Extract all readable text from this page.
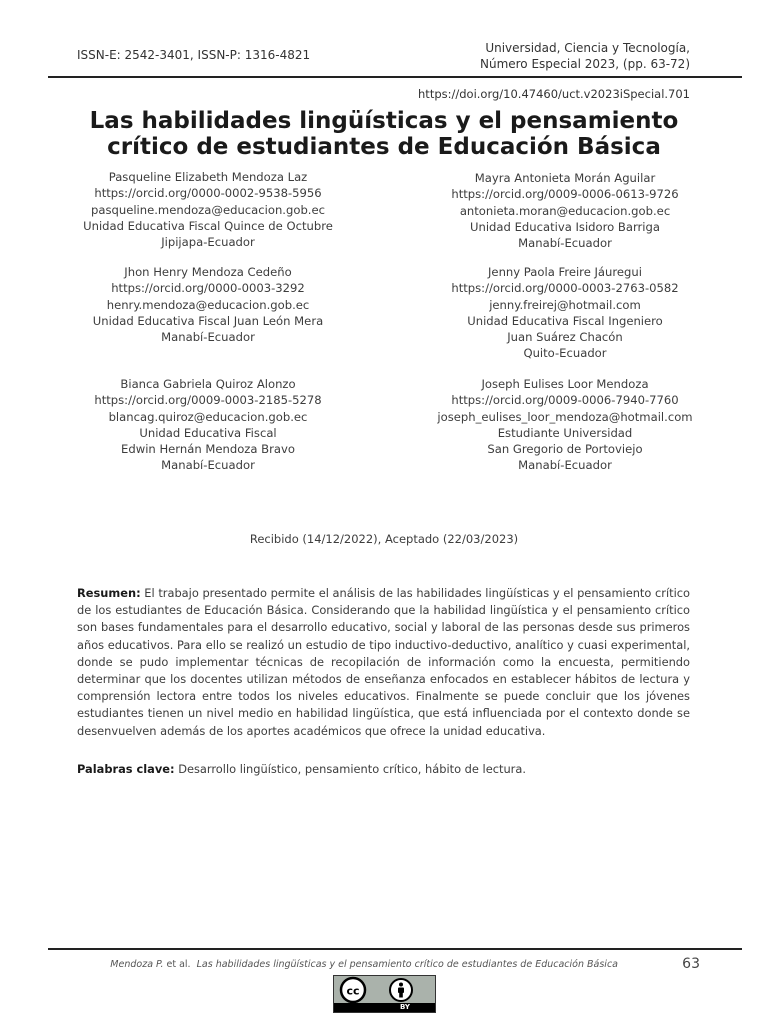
ISSN-E: 2542-3401, ISSN-P: 1316-4821	Universidad, Ciencia y Tecnología,
Número Especial 2023, (pp. 63-72)
https://doi.org/10.47460/uct.v2023iSpecial.701
Las habilidades lingüísticas y el pensamiento
crítico de estudiantes de Educación Básica
Pasqueline Elizabeth Mendoza Laz
https://orcid.org/0000-0002-9538-5956
pasqueline.mendoza@educacion.gob.ec
Unidad Educativa Fiscal Quince de Octubre
Jipijapa-Ecuador
Mayra Antonieta Morán Aguilar
https://orcid.org/0009-0006-0613-9726
antonieta.moran@educacion.gob.ec
Unidad Educativa Isidoro Barriga
Manabí-Ecuador
Jhon Henry Mendoza Cedeño
https://orcid.org/0000-0003-3292
henry.mendoza@educacion.gob.ec
Unidad Educativa Fiscal Juan León Mera
Manabí-Ecuador
Jenny Paola Freire Jáuregui
https://orcid.org/0000-0003-2763-0582
jenny.freirej@hotmail.com
Unidad Educativa Fiscal Ingeniero
Juan Suárez Chacón
Quito-Ecuador
Bianca Gabriela Quiroz Alonzo
https://orcid.org/0009-0003-2185-5278
blancag.quiroz@educacion.gob.ec
Unidad Educativa Fiscal
Edwin Hernán Mendoza Bravo
Manabí-Ecuador
Joseph Eulises Loor Mendoza
https://orcid.org/0009-0006-7940-7760
joseph_eulises_loor_mendoza@hotmail.com
Estudiante Universidad
San Gregorio de Portoviejo
Manabí-Ecuador
Recibido (14/12/2022), Aceptado (22/03/2023)
Resumen: El trabajo presentado permite el análisis de las habilidades lingüísticas y el pensamiento crítico de los estudiantes de Educación Básica. Considerando que la habilidad lingüística y el pensamiento crítico son bases fundamentales para el desarrollo educativo, social y laboral de las personas desde sus primeros años educativos. Para ello se realizó un estudio de tipo inductivo-deductivo, analítico y cuasi experimental, donde se pudo implementar técnicas de recopilación de información como la encuesta, permitiendo determinar que los docentes utilizan métodos de enseñanza enfocados en establecer hábitos de lectura y comprensión lectora entre todos los niveles educativos. Finalmente se puede concluir que los jóvenes estudiantes tienen un nivel medio en habilidad lingüística, que está influenciada por el contexto donde se desenvuelven además de los aportes académicos que ofrece la unidad educativa.
Palabras clave: Desarrollo lingüístico, pensamiento crítico, hábito de lectura.
Mendoza P. et al.  Las habilidades lingüísticas y el pensamiento crítico de estudiantes de Educación Básica	63
cc
BY
